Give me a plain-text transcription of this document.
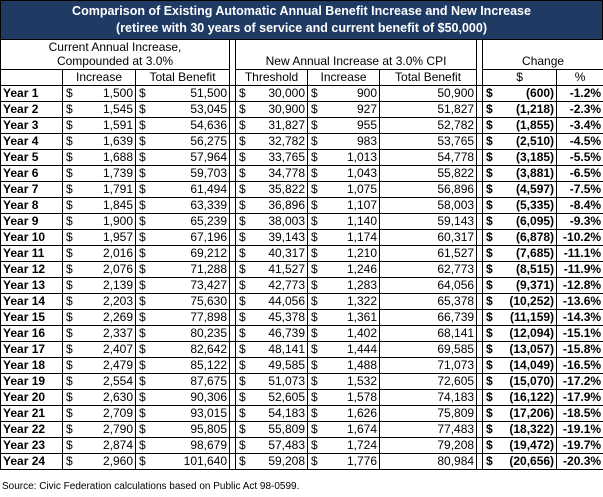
Comparison of Existing Automatic Annual Benefit Increase and New Increase
(retiree with 30 years of service and current benefit of $50,000)
Current Annual Increase,
Compounded at 3.0%				New Annual Increase at 3.0% CPI				Change	
	Increase	Total Benefit		Threshold	Increase	Total Benefit		$	%
Year 1	$ 1,500	$ 51,500		$ 30,000	$ 900	50,900		$ (600)	-1.2%
Year 2	$ 1,545	$ 53,045		$ 30,900	$ 927	51,827		$ (1,218)	-2.3%
Year 3	$ 1,591	$ 54,636		$ 31,827	$ 955	52,782		$ (1,855)	-3.4%
Year 4	$ 1,639	$ 56,275		$ 32,782	$ 983	53,765		$ (2,510)	-4.5%
Year 5	$ 1,688	$ 57,964		$ 33,765	$ 1,013	54,778		$ (3,185)	-5.5%
Year 6	$ 1,739	$ 59,703		$ 34,778	$ 1,043	55,822		$ (3,881)	-6.5%
Year 7	$ 1,791	$ 61,494		$ 35,822	$ 1,075	56,896		$ (4,597)	-7.5%
Year 8	$ 1,845	$ 63,339		$ 36,896	$ 1,107	58,003		$ (5,335)	-8.4%
Year 9	$ 1,900	$ 65,239		$ 38,003	$ 1,140	59,143		$ (6,095)	-9.3%
Year 10	$ 1,957	$ 67,196		$ 39,143	$ 1,174	60,317		$ (6,878)	-10.2%
Year 11	$ 2,016	$ 69,212		$ 40,317	$ 1,210	61,527		$ (7,685)	-11.1%
Year 12	$ 2,076	$ 71,288		$ 41,527	$ 1,246	62,773		$ (8,515)	-11.9%
Year 13	$ 2,139	$ 73,427		$ 42,773	$ 1,283	64,056		$ (9,371)	-12.8%
Year 14	$ 2,203	$ 75,630		$ 44,056	$ 1,322	65,378		$ (10,252)	-13.6%
Year 15	$ 2,269	$ 77,898		$ 45,378	$ 1,361	66,739		$ (11,159)	-14.3%
Year 16	$ 2,337	$ 80,235		$ 46,739	$ 1,402	68,141		$ (12,094)	-15.1%
Year 17	$ 2,407	$ 82,642		$ 48,141	$ 1,444	69,585		$ (13,057)	-15.8%
Year 18	$ 2,479	$ 85,122		$ 49,585	$ 1,488	71,073		$ (14,049)	-16.5%
Year 19	$ 2,554	$ 87,675		$ 51,073	$ 1,532	72,605		$ (15,070)	-17.2%
Year 20	$ 2,630	$ 90,306		$ 52,605	$ 1,578	74,183		$ (16,122)	-17.9%
Year 21	$ 2,709	$ 93,015		$ 54,183	$ 1,626	75,809		$ (17,206)	-18.5%
Year 22	$ 2,790	$ 95,805		$ 55,809	$ 1,674	77,483		$ (18,322)	-19.1%
Year 23	$ 2,874	$ 98,679		$ 57,483	$ 1,724	79,208		$ (19,472)	-19.7%
Year 24	$ 2,960	$ 101,640		$ 59,208	$ 1,776	80,984		$ (20,656)	-20.3%
Source: Civic Federation calculations based on Public Act 98-0599.
